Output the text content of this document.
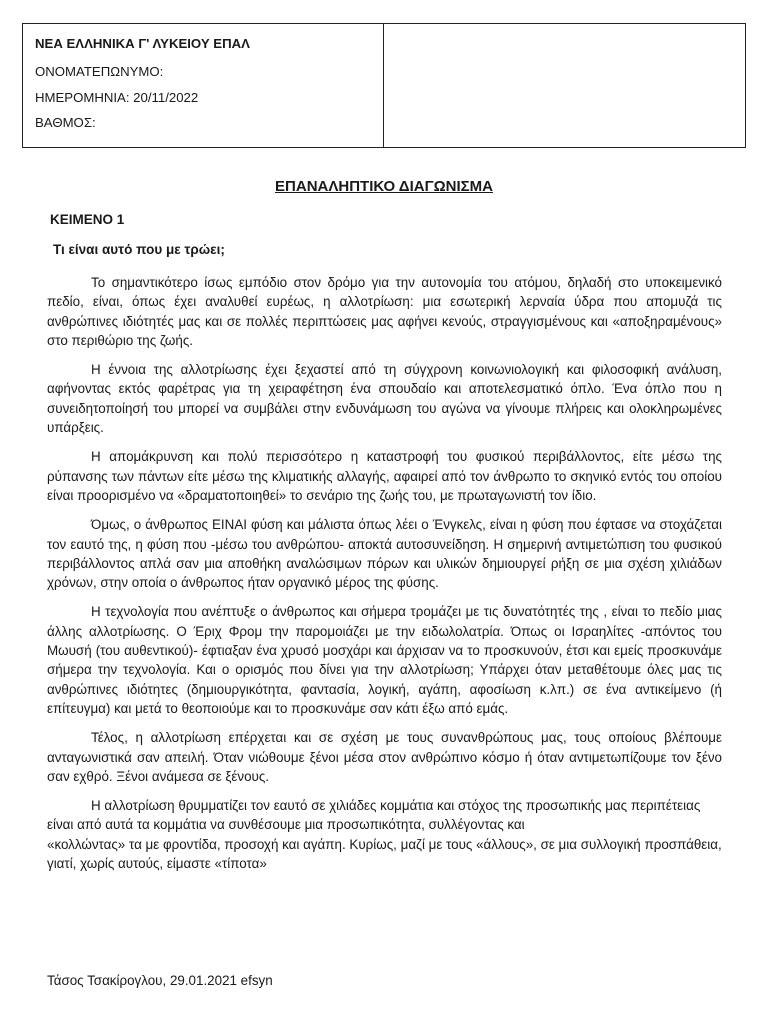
ΝΕΑ ΕΛΛΗΝΙΚΑ Γ' ΛΥΚΕΙΟΥ ΕΠΑΛ

ΟΝΟΜΑΤΕΠΩΝΥΜΟ:

ΗΜΕΡΟΜΗΝΙΑ: 20/11/2022

ΒΑΘΜΟΣ:

ΕΠΑΝΑΛΗΠΤΙΚΟ ΔΙΑΓΩΝΙΣΜΑ

ΚΕΙΜΕΝΟ 1

Τι είναι αυτό που με τρώει;

Το σημαντικότερο ίσως εμπόδιο στον δρόμο για την αυτονομία του ατόμου, δηλαδή στο υποκειμενικό πεδίο, είναι, όπως έχει αναλυθεί ευρέως, η αλλοτρίωση: μια εσωτερική λερναία ύδρα που απομυζά τις ανθρώπινες ιδιότητές μας και σε πολλές περιπτώσεις μας αφήνει κενούς, στραγγισμένους και «αποξηραμένους» στο περιθώριο της ζωής.

Η έννοια της αλλοτρίωσης έχει ξεχαστεί από τη σύγχρονη κοινωνιολογική και φιλοσοφική ανάλυση, αφήνοντας εκτός φαρέτρας για τη χειραφέτηση ένα σπουδαίο και αποτελεσματικό όπλο. Ένα όπλο που η συνειδητοποίησή του μπορεί να συμβάλει στην ενδυνάμωση του αγώνα να γίνουμε πλήρεις και ολοκληρωμένες υπάρξεις.

Η απομάκρυνση και πολύ περισσότερο η καταστροφή του φυσικού περιβάλλοντος, είτε μέσω της ρύπανσης των πάντων είτε μέσω της κλιματικής αλλαγής, αφαιρεί από τον άνθρωπο το σκηνικό εντός του οποίου είναι προορισμένο να «δραματοποιηθεί» το σενάριο της ζωής του, με πρωταγωνιστή τον ίδιο.

Όμως, ο άνθρωπος ΕΙΝΑΙ φύση και μάλιστα όπως λέει ο Ένγκελς, είναι η φύση που έφτασε να στοχάζεται τον εαυτό της, η φύση που -μέσω του ανθρώπου- αποκτά αυτοσυνείδηση. Η σημερινή αντιμετώπιση του φυσικού περιβάλλοντος απλά σαν μια αποθήκη αναλώσιμων πόρων και υλικών δημιουργεί ρήξη σε μια σχέση χιλιάδων χρόνων, στην οποία ο άνθρωπος ήταν οργανικό μέρος της φύσης.

Η τεχνολογία που ανέπτυξε ο άνθρωπος και σήμερα τρομάζει με τις δυνατότητές της , είναι το πεδίο μιας άλλης αλλοτρίωσης. Ο Έριχ Φρομ την παρομοιάζει με την ειδωλολατρία. Όπως οι Ισραηλίτες -απόντος του Μωυσή (του αυθεντικού)- έφτιαξαν ένα χρυσό μοσχάρι και άρχισαν να το προσκυνούν, έτσι και εμείς προσκυνάμε σήμερα την τεχνολογία. Και ο ορισμός που δίνει για την αλλοτρίωση; Υπάρχει όταν μεταθέτουμε όλες μας τις ανθρώπινες ιδιότητες (δημιουργικότητα, φαντασία, λογική, αγάπη, αφοσίωση κ.λπ.) σε ένα αντικείμενο (ή επίτευγμα) και μετά το θεοποιούμε και το προσκυνάμε σαν κάτι έξω από εμάς.

Τέλος, η αλλοτρίωση επέρχεται και σε σχέση με τους συνανθρώπους μας, τους οποίους βλέπουμε ανταγωνιστικά σαν απειλή. Όταν νιώθουμε ξένοι μέσα στον ανθρώπινο κόσμο ή όταν αντιμετωπίζουμε τον ξένο σαν εχθρό. Ξένοι ανάμεσα σε ξένους.

Η αλλοτρίωση θρυμματίζει τον εαυτό σε χιλιάδες κομμάτια και στόχος της προσωπικής μας περιπέτειας είναι από αυτά τα κομμάτια να συνθέσουμε μια προσωπικότητα, συλλέγοντας και
«κολλώντας» τα με φροντίδα, προσοχή και αγάπη. Κυρίως, μαζί με τους «άλλους», σε μια συλλογική προσπάθεια, γιατί, χωρίς αυτούς, είμαστε «τίποτα»

Τάσος Τσακίρογλου, 29.01.2021 efsyn
